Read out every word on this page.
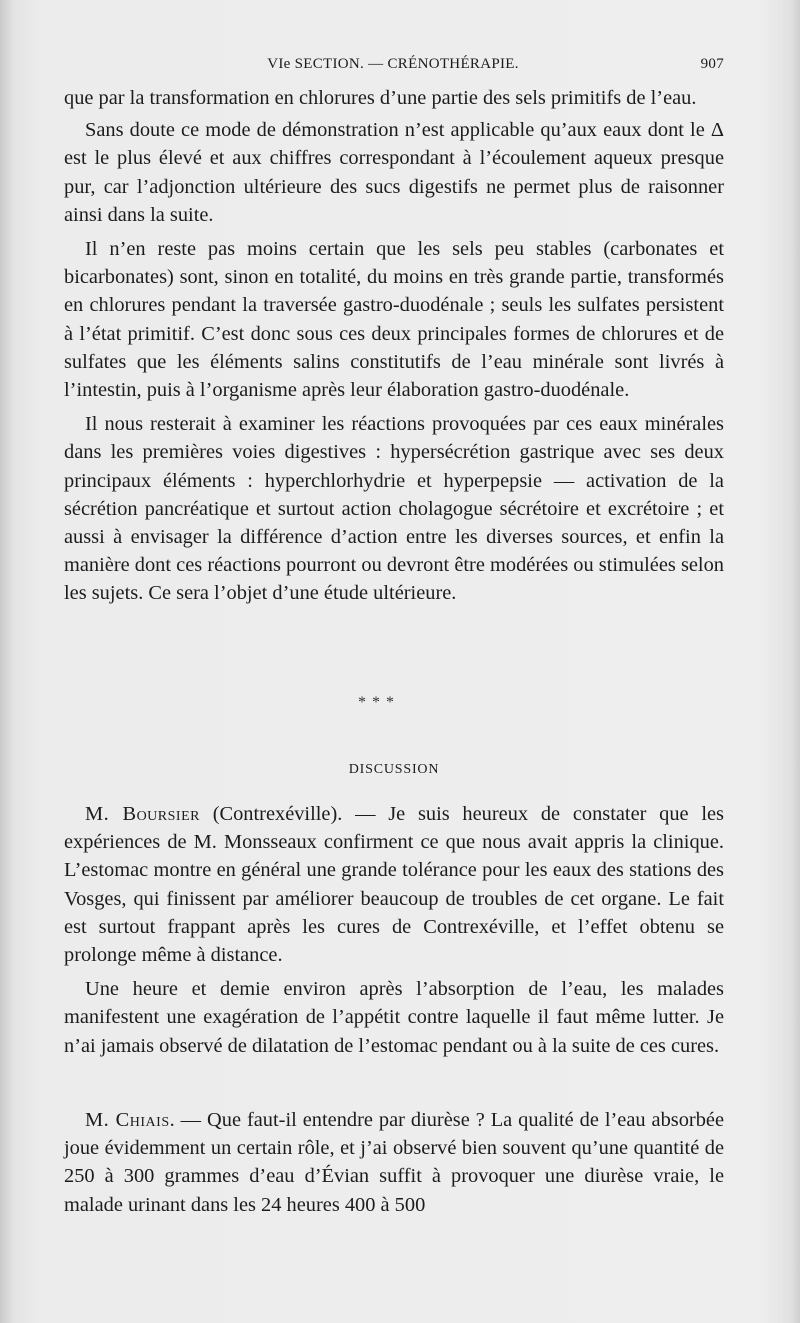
VIe SECTION. — CRÉNOTHÉRAPIE.	907

que par la transformation en chlorures d’une partie des sels primitifs de l’eau.

Sans doute ce mode de démonstration n’est applicable qu’aux eaux dont le Δ est le plus élevé et aux chiffres correspondant à l’écoulement aqueux presque pur, car l’adjonction ultérieure des sucs digestifs ne permet plus de raisonner ainsi dans la suite.

Il n’en reste pas moins certain que les sels peu stables (carbonates et bicarbonates) sont, sinon en totalité, du moins en très grande partie, transformés en chlorures pendant la traversée gastro-duodénale ; seuls les sulfates persistent à l’état primitif. C’est donc sous ces deux principales formes de chlorures et de sulfates que les éléments salins constitutifs de l’eau minérale sont livrés à l’intestin, puis à l’organisme après leur élaboration gastro-duodénale.

Il nous resterait à examiner les réactions provoquées par ces eaux minérales dans les premières voies digestives : hypersécrétion gastrique avec ses deux principaux éléments : hyperchlorhydrie et hyperpepsie — activation de la sécrétion pancréatique et surtout action cholagogue sécrétoire et excrétoire ; et aussi à envisager la différence d’action entre les diverses sources, et enfin la manière dont ces réactions pourront ou devront être modérées ou stimulées selon les sujets. Ce sera l’objet d’une étude ultérieure.

* * *
DISCUSSION

M. Boursier (Contrexéville). — Je suis heureux de constater que les expériences de M. Monsseaux confirment ce que nous avait appris la clinique. L’estomac montre en général une grande tolérance pour les eaux des stations des Vosges, qui finissent par améliorer beaucoup de troubles de cet organe. Le fait est surtout frappant après les cures de Contrexéville, et l’effet obtenu se prolonge même à distance.

Une heure et demie environ après l’absorption de l’eau, les malades manifestent une exagération de l’appétit contre laquelle il faut même lutter. Je n’ai jamais observé de dilatation de l’estomac pendant ou à la suite de ces cures.

M. Chiais. — Que faut-il entendre par diurèse ? La qualité de l’eau absorbée joue évidemment un certain rôle, et j’ai observé bien souvent qu’une quantité de 250 à 300 grammes d’eau d’Évian suffit à provoquer une diurèse vraie, le malade urinant dans les 24 heures 400 à 500
